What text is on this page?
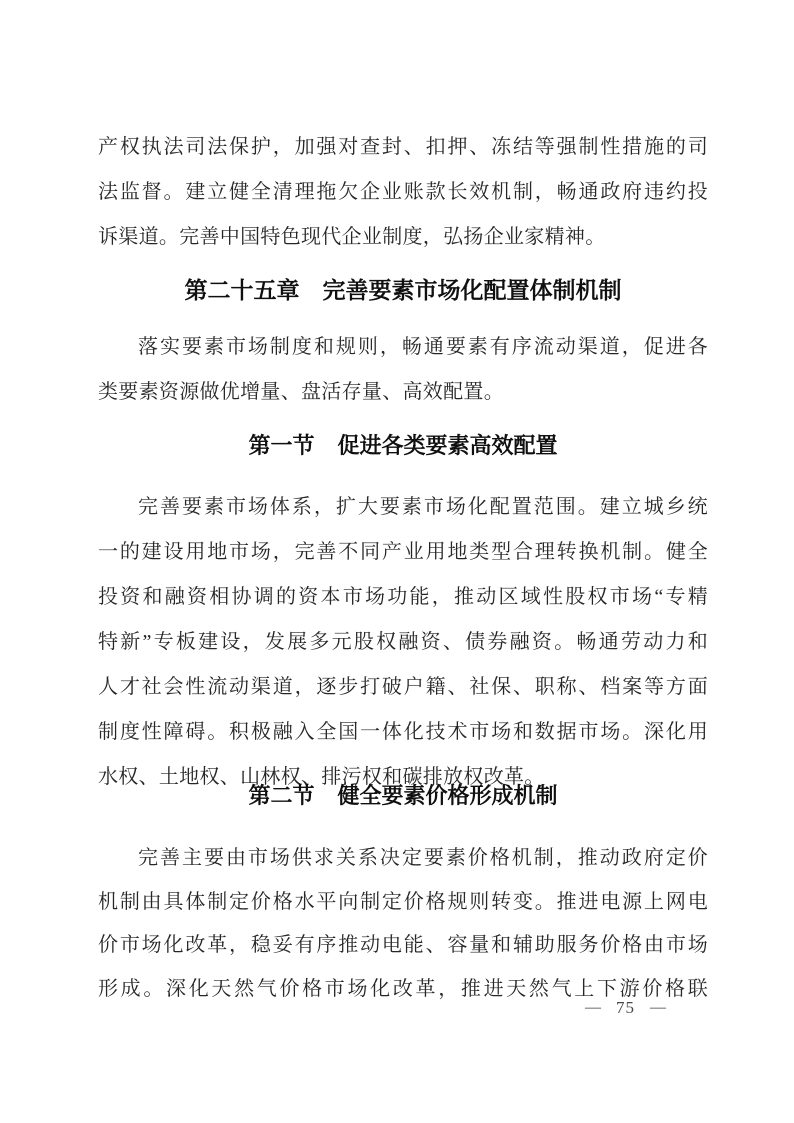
产权执法司法保护，加强对查封、扣押、冻结等强制性措施的司
法监督。建立健全清理拖欠企业账款长效机制，畅通政府违约投
诉渠道。完善中国特色现代企业制度，弘扬企业家精神。

第二十五章 完善要素市场化配置体制机制

落实要素市场制度和规则，畅通要素有序流动渠道，促进各
类要素资源做优增量、盘活存量、高效配置。

第一节 促进各类要素高效配置

完善要素市场体系，扩大要素市场化配置范围。建立城乡统
一的建设用地市场，完善不同产业用地类型合理转换机制。健全
投资和融资相协调的资本市场功能，推动区域性股权市场“专精
特新”专板建设，发展多元股权融资、债券融资。畅通劳动力和
人才社会性流动渠道，逐步打破户籍、社保、职称、档案等方面
制度性障碍。积极融入全国一体化技术市场和数据市场。深化用
水权、土地权、山林权、排污权和碳排放权改革。

第二节 健全要素价格形成机制

完善主要由市场供求关系决定要素价格机制，推动政府定价
机制由具体制定价格水平向制定价格规则转变。推进电源上网电
价市场化改革，稳妥有序推动电能、容量和辅助服务价格由市场
形成。深化天然气价格市场化改革，推进天然气上下游价格联

— 75 —
